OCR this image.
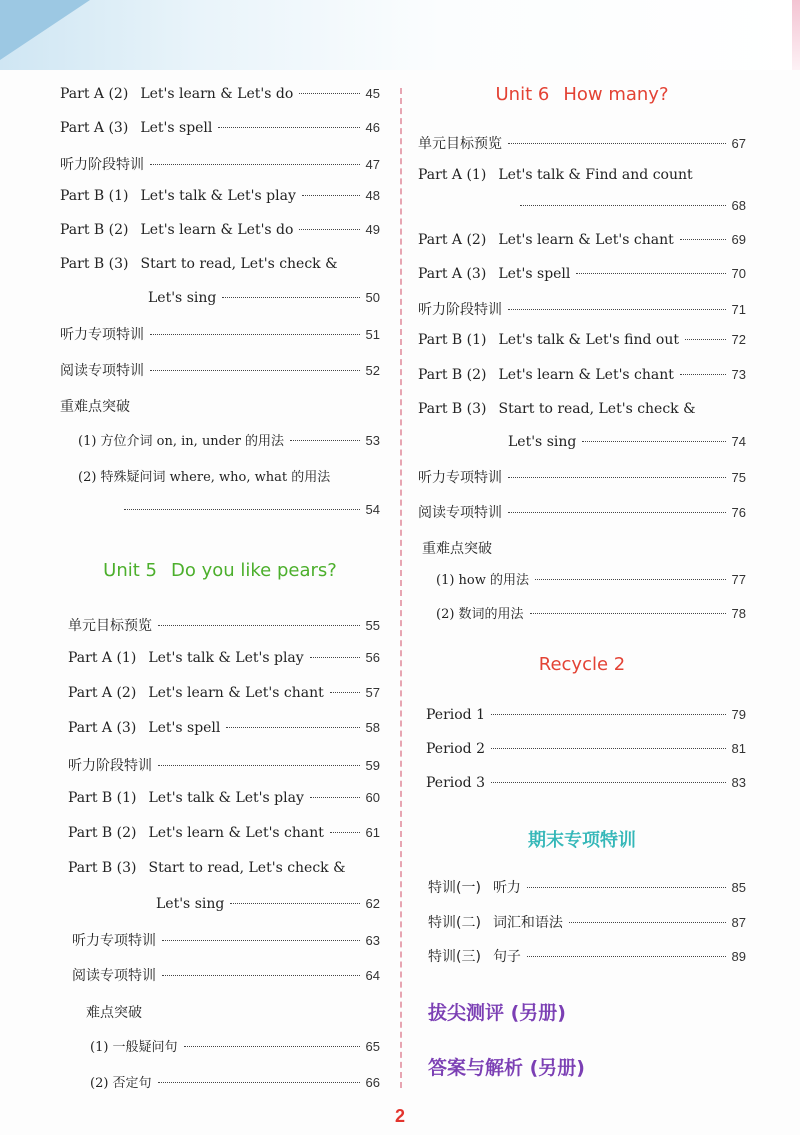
Part A (2) Let's learn & Let's do	45
Part A (3) Let's spell	46
听力阶段特训	47
Part B (1) Let's talk & Let's play	48
Part B (2) Let's learn & Let's do	49
Part B (3) Start to read, Let's check &
Let's sing	50
听力专项特训	51
阅读专项特训	52
重难点突破
(1) 方位介词 on, in, under 的用法	53
(2) 特殊疑问词 where, who, what 的用法
54
Unit 5 Do you like pears?
单元目标预览	55
Part A (1) Let's talk & Let's play	56
Part A (2) Let's learn & Let's chant	57
Part A (3) Let's spell	58
听力阶段特训	59
Part B (1) Let's talk & Let's play	60
Part B (2) Let's learn & Let's chant	61
Part B (3) Start to read, Let's check &
Let's sing	62
听力专项特训	63
阅读专项特训	64
难点突破
(1) 一般疑问句	65
(2) 否定句	66
Unit 6 How many?
单元目标预览	67
Part A (1) Let's talk & Find and count
68
Part A (2) Let's learn & Let's chant	69
Part A (3) Let's spell	70
听力阶段特训	71
Part B (1) Let's talk & Let's find out	72
Part B (2) Let's learn & Let's chant	73
Part B (3) Start to read, Let's check &
Let's sing	74
听力专项特训	75
阅读专项特训	76
重难点突破
(1) how 的用法	77
(2) 数词的用法	78
Recycle 2
Period 1	79
Period 2	81
Period 3	83
期末专项特训
特训(一) 听力	85
特训(二) 词汇和语法	87
特训(三) 句子	89
拔尖测评 (另册)
答案与解析 (另册)
2
